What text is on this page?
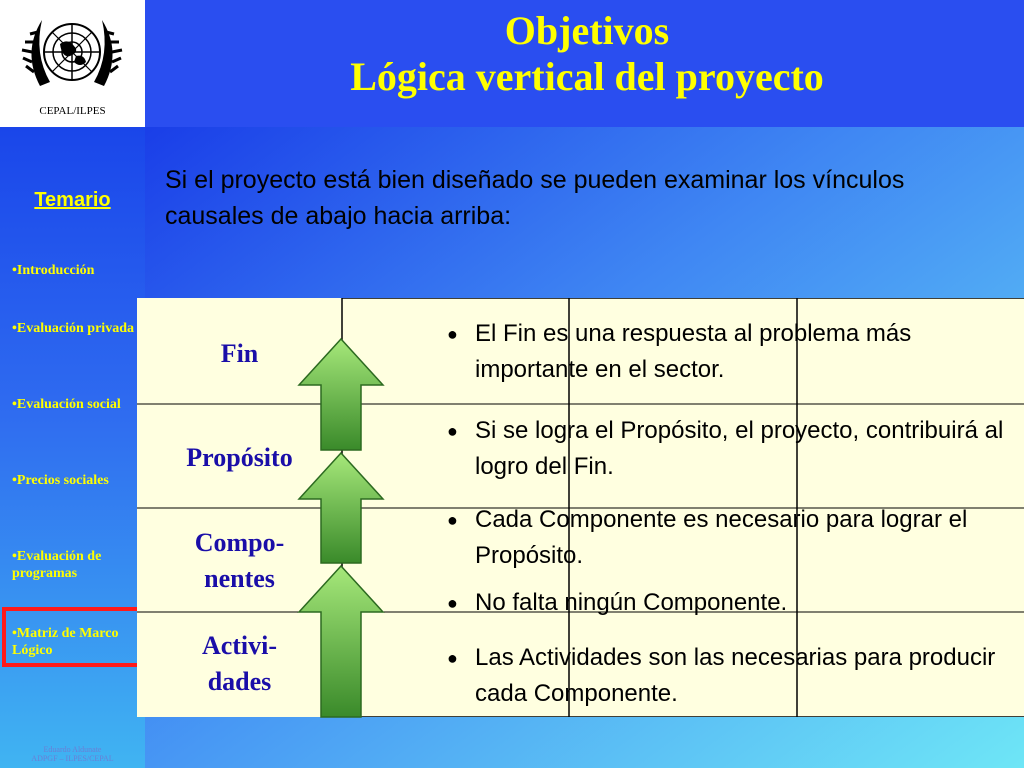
CEPAL/ILPES
Objetivos
Lógica vertical del proyecto
Temario
•Introducción
•Evaluación privada
•Evaluación social
•Precios sociales
•Evaluación de programas
•Matriz de Marco Lógico
Eduardo Aldunate
ADPGF – ILPES/CEPAL
Si el proyecto está bien diseñado se pueden examinar los vínculos causales de abajo hacia arriba:
Fin
Propósito
Compo-
nentes
Activi-
dades
● El Fin es una respuesta al problema más importante en el sector.
● Si se logra el Propósito, el proyecto, contribuirá al logro del Fin.
● Cada Componente es necesario para lograr el Propósito.
● No falta ningún Componente.
● Las Actividades son las necesarias para producir cada Componente.
